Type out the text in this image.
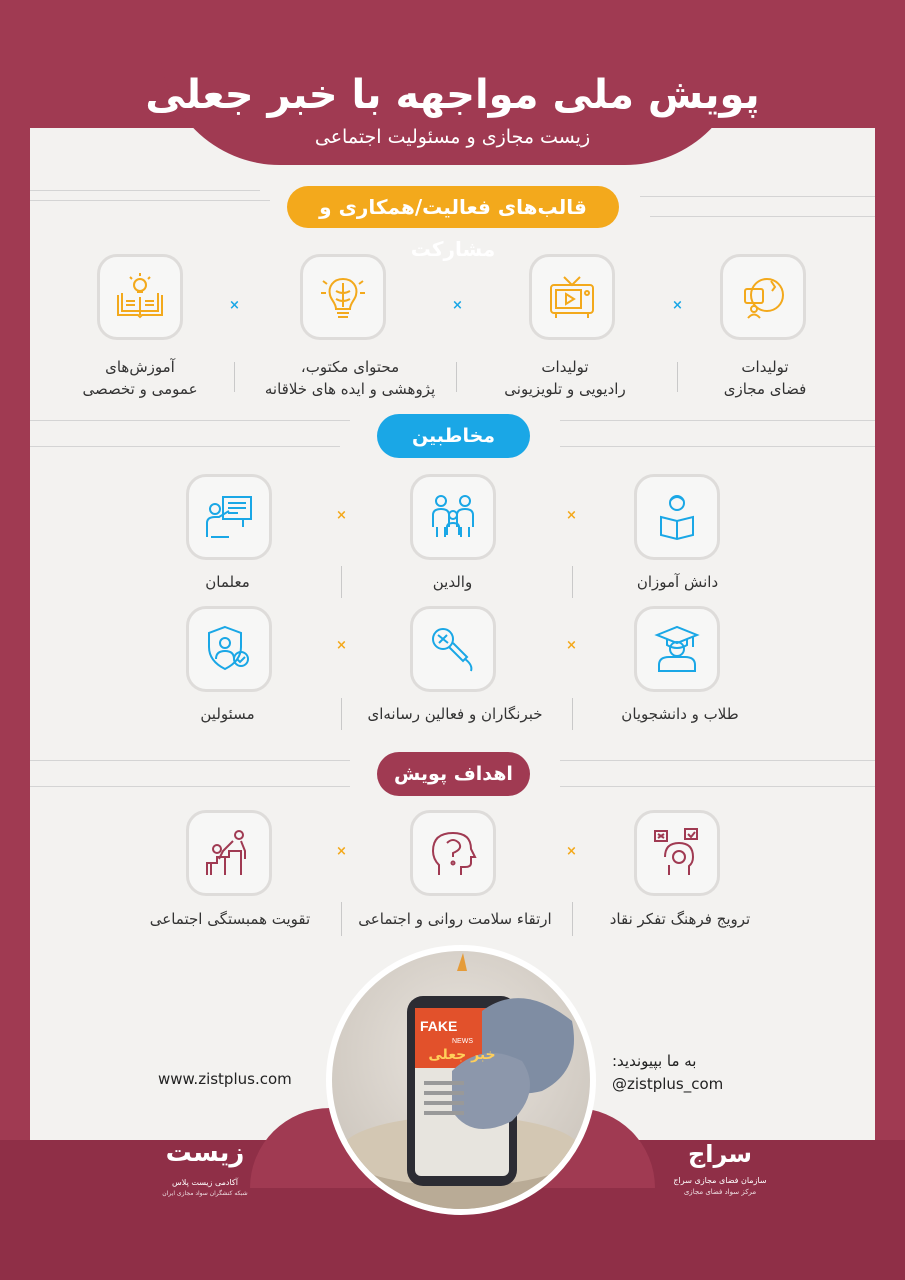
پویش ملی مواجهه با خبر جعلی
زیست مجازی و مسئولیت اجتماعی
قالب‌های فعالیت/همکاری و مشارکت
×
×
×
تولیدات
فضای مجازی
تولیدات
رادیویی و تلویزیونی
محتوای مکتوب،
پژوهشی و ایده های خلاقانه
آموزش‌های
عمومی و تخصصی
مخاطبین
×
×
دانش آموزان
والدین
معلمان
×
×
طلاب و دانشجویان
خبرنگاران و فعالین رسانه‌ای
مسئولین
اهداف پویش
×
×
ترویج فرهنگ تفکر نقاد
ارتقاء سلامت روانی و اجتماعی
تقویت همبستگی اجتماعی
www.zistplus.com
به ما بپیوندید:
@zistplus_com
FAKE
NEWS
خبر جعلی
زیست
آکادمی زیست پلاس
شبکه کنشگران سواد مجازی ایران
سراج
سازمان فضای مجازی سراج
مرکز سواد فضای مجازی
